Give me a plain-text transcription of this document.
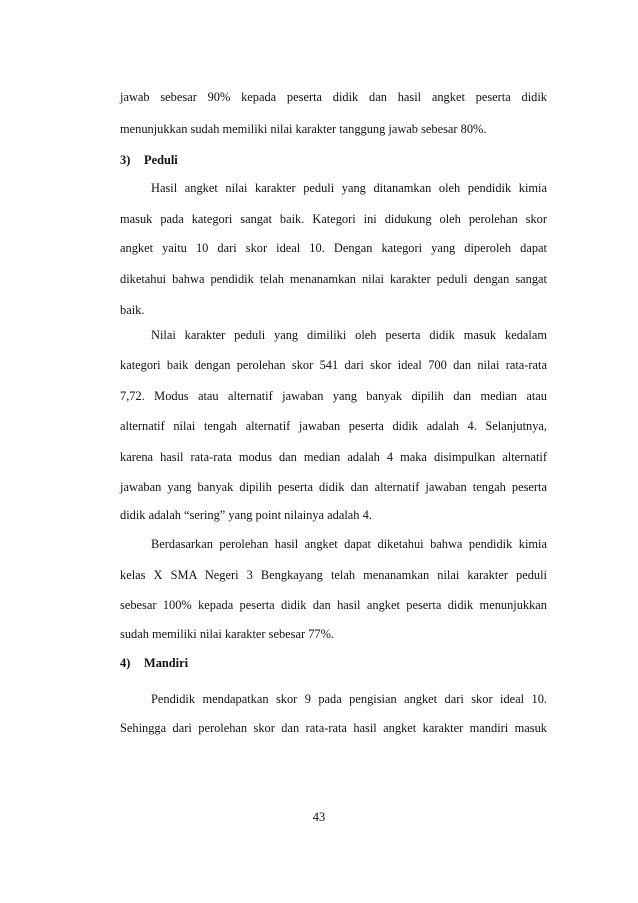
jawab sebesar 90% kepada peserta didik dan hasil angket peserta didik
menunjukkan sudah memiliki nilai karakter tanggung jawab sebesar 80%.
3) Peduli
Hasil angket nilai karakter peduli yang ditanamkan oleh pendidik kimia
masuk pada kategori sangat baik. Kategori ini didukung oleh perolehan skor
angket yaitu 10 dari skor ideal 10. Dengan kategori yang diperoleh dapat
diketahui bahwa pendidik telah menanamkan nilai karakter peduli dengan sangat
baik.
Nilai karakter peduli yang dimiliki oleh peserta didik masuk kedalam
kategori baik dengan perolehan skor 541 dari skor ideal 700 dan nilai rata-rata
7,72. Modus atau alternatif jawaban yang banyak dipilih dan median atau
alternatif nilai tengah alternatif jawaban peserta didik adalah 4. Selanjutnya,
karena hasil rata-rata modus dan median adalah 4 maka disimpulkan alternatif
jawaban yang banyak dipilih peserta didik dan alternatif jawaban tengah peserta
didik adalah “sering” yang point nilainya adalah 4.
Berdasarkan perolehan hasil angket dapat diketahui bahwa pendidik kimia
kelas X SMA Negeri 3 Bengkayang telah menanamkan nilai karakter peduli
sebesar 100% kepada peserta didik dan hasil angket peserta didik menunjukkan
sudah memiliki nilai karakter sebesar 77%.
4) Mandiri
Pendidik mendapatkan skor 9 pada pengisian angket dari skor ideal 10.
Sehingga dari perolehan skor dan rata-rata hasil angket karakter mandiri masuk
43
